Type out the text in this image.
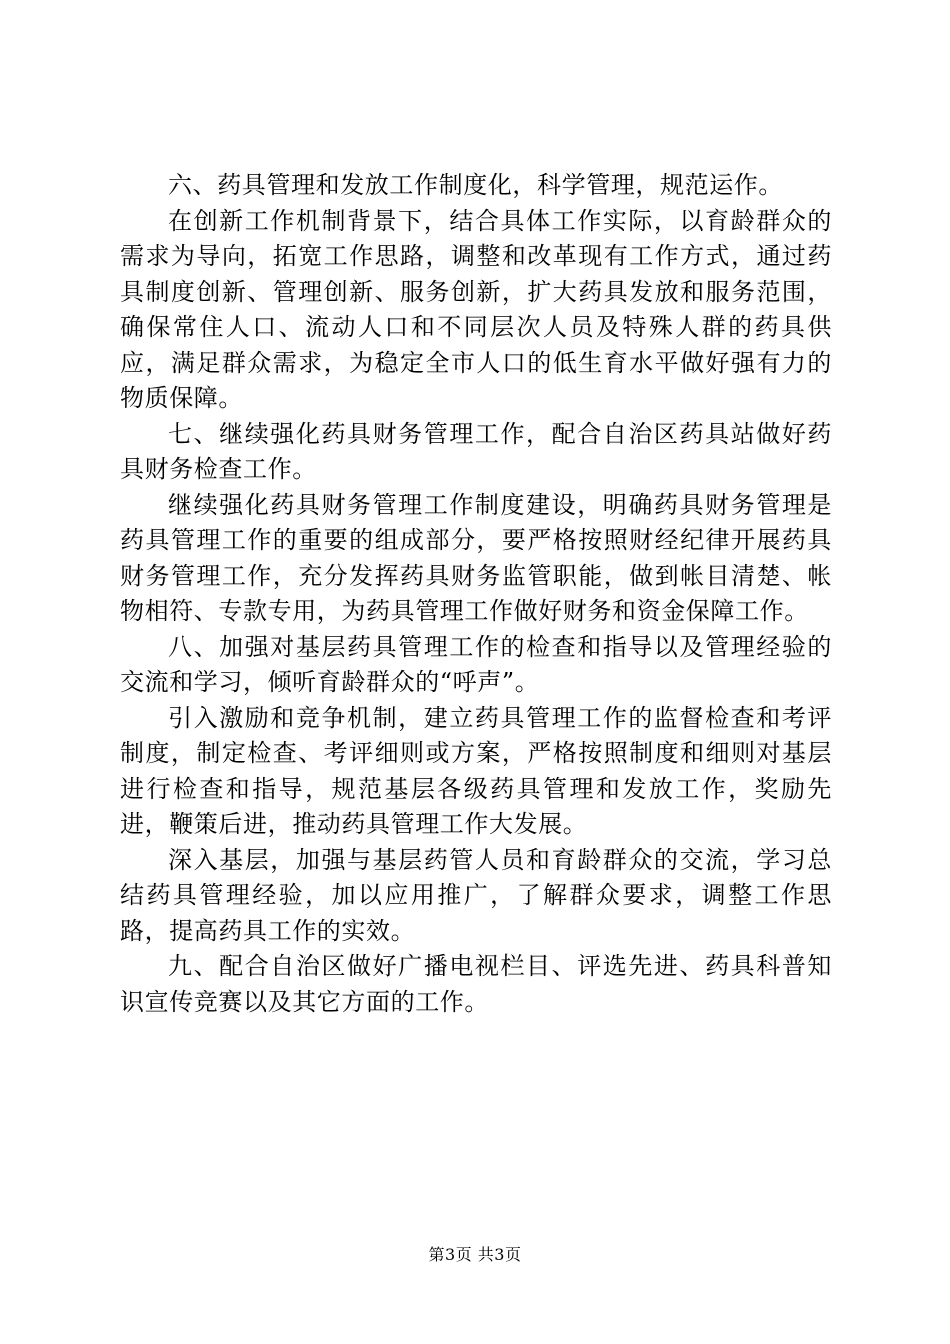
六、药具管理和发放工作制度化，科学管理，规范运作。

在创新工作机制背景下，结合具体工作实际，以育龄群众的需求为导向，拓宽工作思路，调整和改革现有工作方式，通过药具制度创新、管理创新、服务创新，扩大药具发放和服务范围，确保常住人口、流动人口和不同层次人员及特殊人群的药具供应，满足群众需求，为稳定全市人口的低生育水平做好强有力的物质保障。

七、继续强化药具财务管理工作，配合自治区药具站做好药具财务检查工作。

继续强化药具财务管理工作制度建设，明确药具财务管理是药具管理工作的重要的组成部分，要严格按照财经纪律开展药具财务管理工作，充分发挥药具财务监管职能，做到帐目清楚、帐物相符、专款专用，为药具管理工作做好财务和资金保障工作。

八、加强对基层药具管理工作的检查和指导以及管理经验的交流和学习，倾听育龄群众的“呼声”。

引入激励和竞争机制，建立药具管理工作的监督检查和考评制度，制定检查、考评细则或方案，严格按照制度和细则对基层进行检查和指导，规范基层各级药具管理和发放工作，奖励先进，鞭策后进，推动药具管理工作大发展。

深入基层，加强与基层药管人员和育龄群众的交流，学习总结药具管理经验，加以应用推广，了解群众要求，调整工作思路，提高药具工作的实效。

九、配合自治区做好广播电视栏目、评选先进、药具科普知识宣传竞赛以及其它方面的工作。

第3页 共3页
